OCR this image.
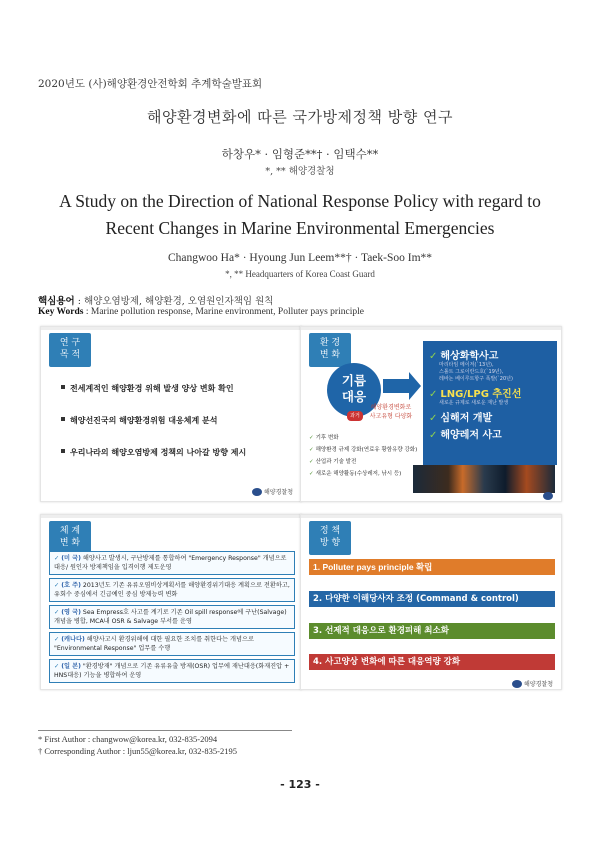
2020년도 (사)해양환경안전학회 추계학술발표회
해양환경변화에 따른 국가방제정책 방향 연구
하창우* · 임형준**† · 임택수**
*, ** 해양경찰청
A Study on the Direction of National Response Policy with regard to
Recent Changes in Marine Environmental Emergencies
Changwoo Ha* · Hyoung Jun Leem**† · Taek-Soo Im**
*, ** Headquarters of Korea Coast Guard
핵심용어 : 해양오염방제, 해양환경, 오염원인자책임 원칙
Key Words : Marine pollution response, Marine environment, Polluter pays principle
연 구
목 적
전세계적인 해양환경 위해 발생 양상 변화 확인
해양선진국의 해양환경위험 대응체계 분석
우리나라의 해양오염방제 정책의 나아갈 방향 제시
해양경찰청
환 경
변 화
기름
대응
과거
해양환경변화로
사고유형 다양화
✓ 해상화학사고
마리타임 메이저(`13년),
스톨트 그로이란드호(`19년),
레바논 베이루트항구 폭발(`20년)
✓ LNG/LPG 추진선
새로운 규제로 새로운 재난 발생
✓ 심해저 개발
✓ 해양레저 사고
✓ 기후 변화
✓ 해양환경 규제 강화(연료유 황함유량 강화)
✓ 산업과 기술 발전
✓ 새로운 해양활동(수상레저, 낚시 등)
체 계
변 화
✓ (미 국) 해양사고 발생시, 구난방제를 통합하여 "Emergency Response" 개념으로 대응/ 원인자 방제책임을 입격이행 제도운영
✓ (호 주) 2013년도 기존 유류오염비상계획서를 해양환경위기대응 계획으로 전환하고, 유회수 중심에서 긴급예인 중심 방제능력 변화
✓ (영 국) Sea Empress호 사고를 계기로 기존 Oil spill response에 구난(Salvage) 개념을 병합, MCA내 OSR & Salvage 부서를 운영
✓ (캐나다) 해양사고시 환경위해에 대한 필요한 조치를 취한다는 개념으로 "Environmental Response" 업무를 수행
✓ (일 본) "환경방재" 개념으로 기존 유류유출 방제(OSR) 업무에 재난대응(화재진압 + HNS대응) 기능을 병합하여 운영
정 책
방 향
1. Polluter pays principle 확립
2. 다양한 이해당사자 조정 (Command & control)
3. 선제적 대응으로 환경피해 최소화
4. 사고양상 변화에 따른 대응역량 강화
해양경찰청
* First Author : changwow@korea.kr, 032-835-2094
† Corresponding Author : ljun55@korea.kr, 032-835-2195
- 123 -
